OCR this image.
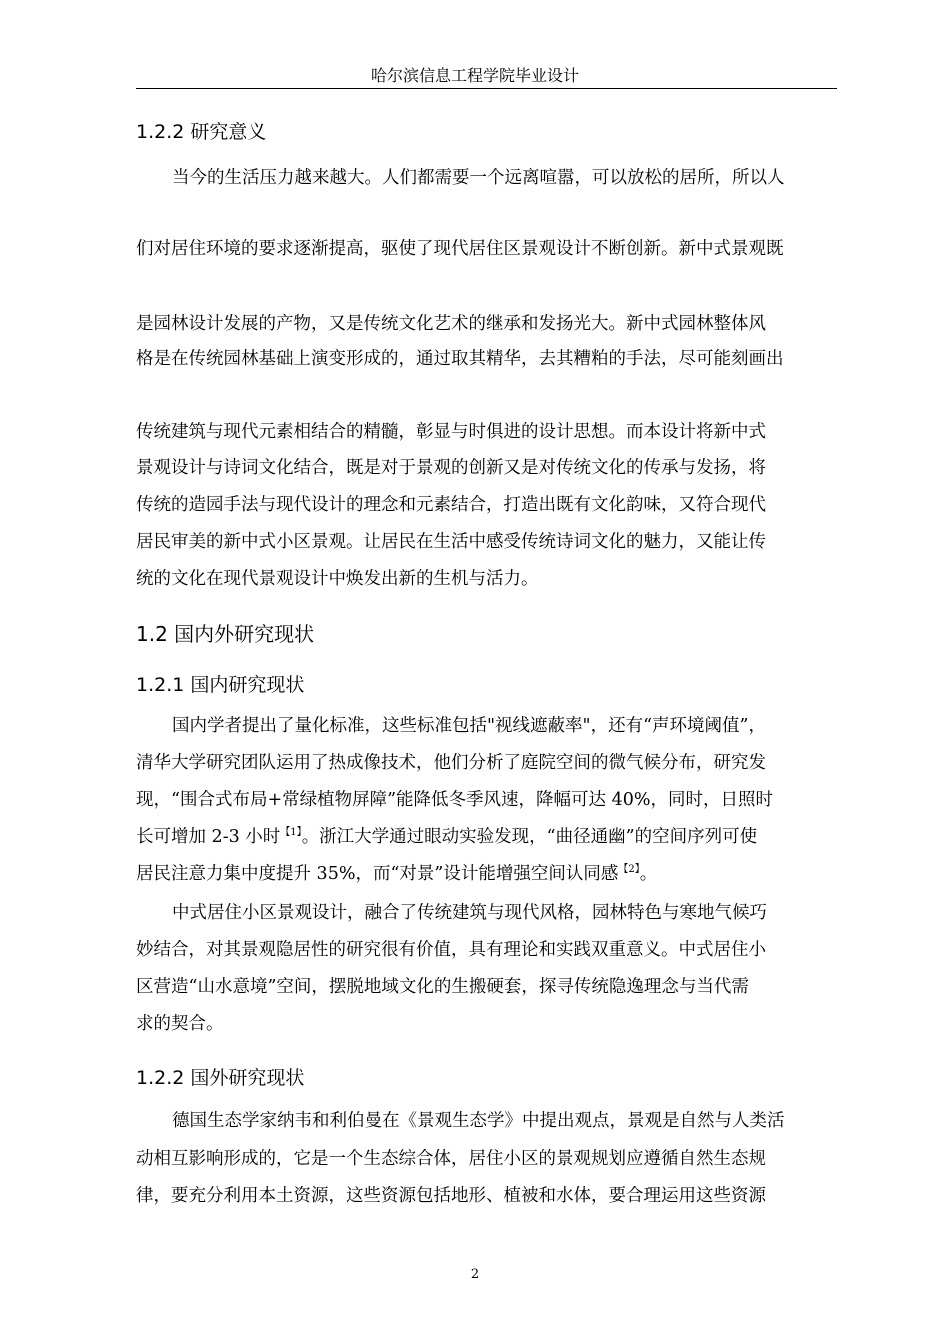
哈尔滨信息工程学院毕业设计
1.2.2 研究意义
当今的生活压力越来越大。人们都需要一个远离喧嚣，可以放松的居所，所以人
们对居住环境的要求逐渐提高，驱使了现代居住区景观设计不断创新。新中式景观既
是园林设计发展的产物，又是传统文化艺术的继承和发扬光大。新中式园林整体风
格是在传统园林基础上演变形成的，通过取其精华，去其糟粕的手法，尽可能刻画出
传统建筑与现代元素相结合的精髓，彰显与时俱进的设计思想。而本设计将新中式
景观设计与诗词文化结合，既是对于景观的创新又是对传统文化的传承与发扬，将
传统的造园手法与现代设计的理念和元素结合，打造出既有文化韵味，又符合现代
居民审美的新中式小区景观。让居民在生活中感受传统诗词文化的魅力，又能让传
统的文化在现代景观设计中焕发出新的生机与活力。
1.2 国内外研究现状
1.2.1 国内研究现状
国内学者提出了量化标准，这些标准包括"视线遮蔽率"，还有“声环境阈值”，
清华大学研究团队运用了热成像技术，他们分析了庭院空间的微气候分布，研究发
现，“围合式布局+常绿植物屏障”能降低冬季风速，降幅可达 40%，同时，日照时
长可增加 2-3 小时$^{【1】}$。浙江大学通过眼动实验发现，“曲径通幽”的空间序列可使
居民注意力集中度提升 35%，而“对景”设计能增强空间认同感$^{【2】}$。
中式居住小区景观设计，融合了传统建筑与现代风格，园林特色与寒地气候巧
妙结合，对其景观隐居性的研究很有价值，具有理论和实践双重意义。中式居住小
区营造“山水意境”空间，摆脱地域文化的生搬硬套，探寻传统隐逸理念与当代需
求的契合。
1.2.2 国外研究现状
德国生态学家纳韦和利伯曼在《景观生态学》中提出观点，景观是自然与人类活
动相互影响形成的，它是一个生态综合体，居住小区的景观规划应遵循自然生态规
律，要充分利用本土资源，这些资源包括地形、植被和水体，要合理运用这些资源
2
